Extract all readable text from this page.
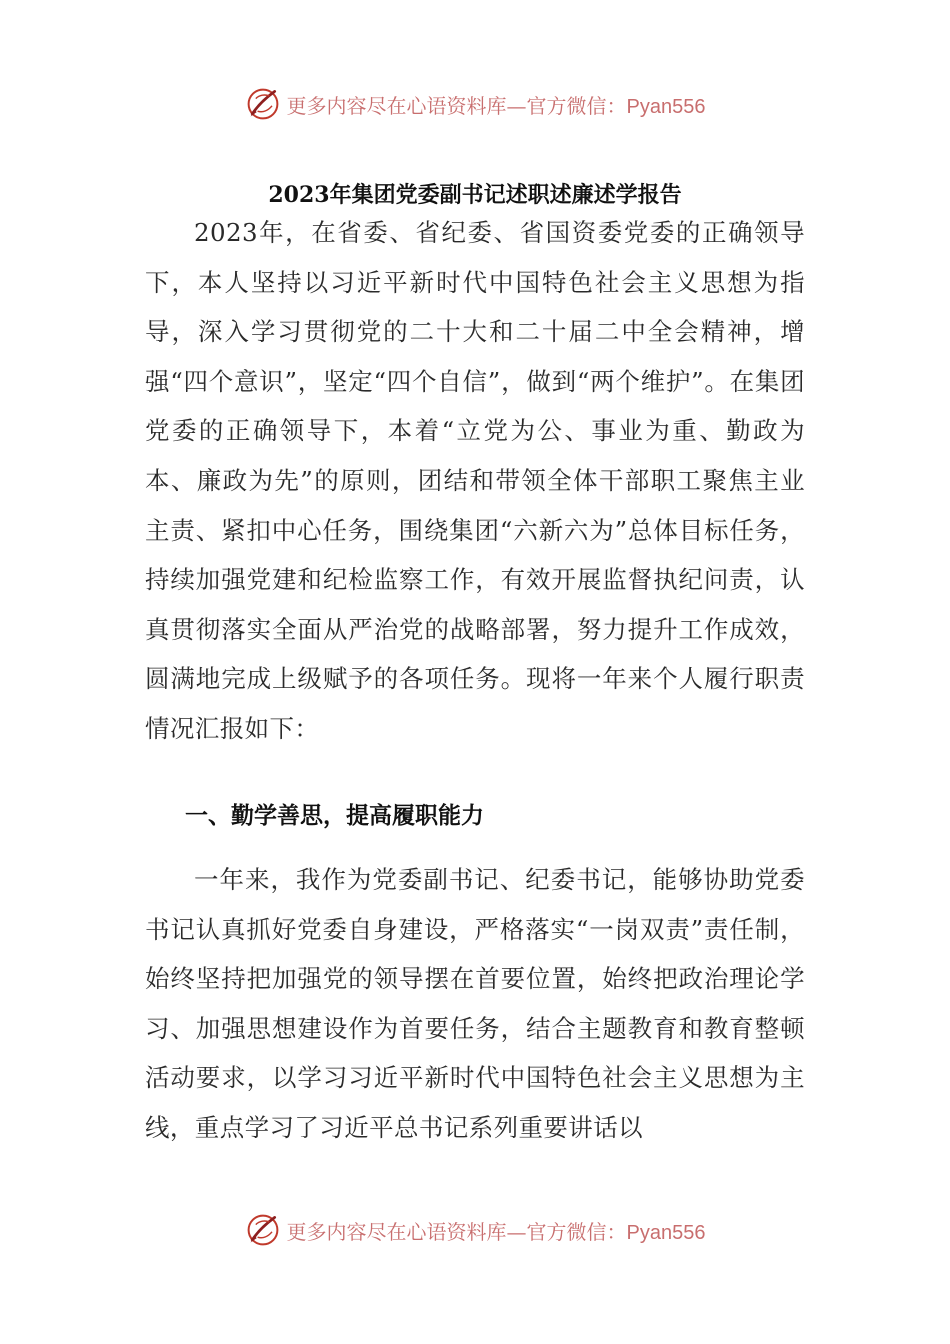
更多内容尽在心语资料库—官方微信：Pyan556
2023年集团党委副书记述职述廉述学报告

2023年，在省委、省纪委、省国资委党委的正确领导下，本人坚持以习近平新时代中国特色社会主义思想为指导，深入学习贯彻党的二十大和二十届二中全会精神，增强“四个意识”，坚定“四个自信”，做到“两个维护”。在集团党委的正确领导下，本着“立党为公、事业为重、勤政为本、廉政为先”的原则，团结和带领全体干部职工聚焦主业主责、紧扣中心任务，围绕集团“六新六为”总体目标任务，持续加强党建和纪检监察工作，有效开展监督执纪问责，认真贯彻落实全面从严治党的战略部署，努力提升工作成效，圆满地完成上级赋予的各项任务。现将一年来个人履行职责情况汇报如下：

一、勤学善思，提高履职能力

一年来，我作为党委副书记、纪委书记，能够协助党委书记认真抓好党委自身建设，严格落实“一岗双责”责任制，始终坚持把加强党的领导摆在首要位置，始终把政治理论学习、加强思想建设作为首要任务，结合主题教育和教育整顿活动要求，以学习习近平新时代中国特色社会主义思想为主线，重点学习了习近平总书记系列重要讲话以

更多内容尽在心语资料库—官方微信：Pyan556
